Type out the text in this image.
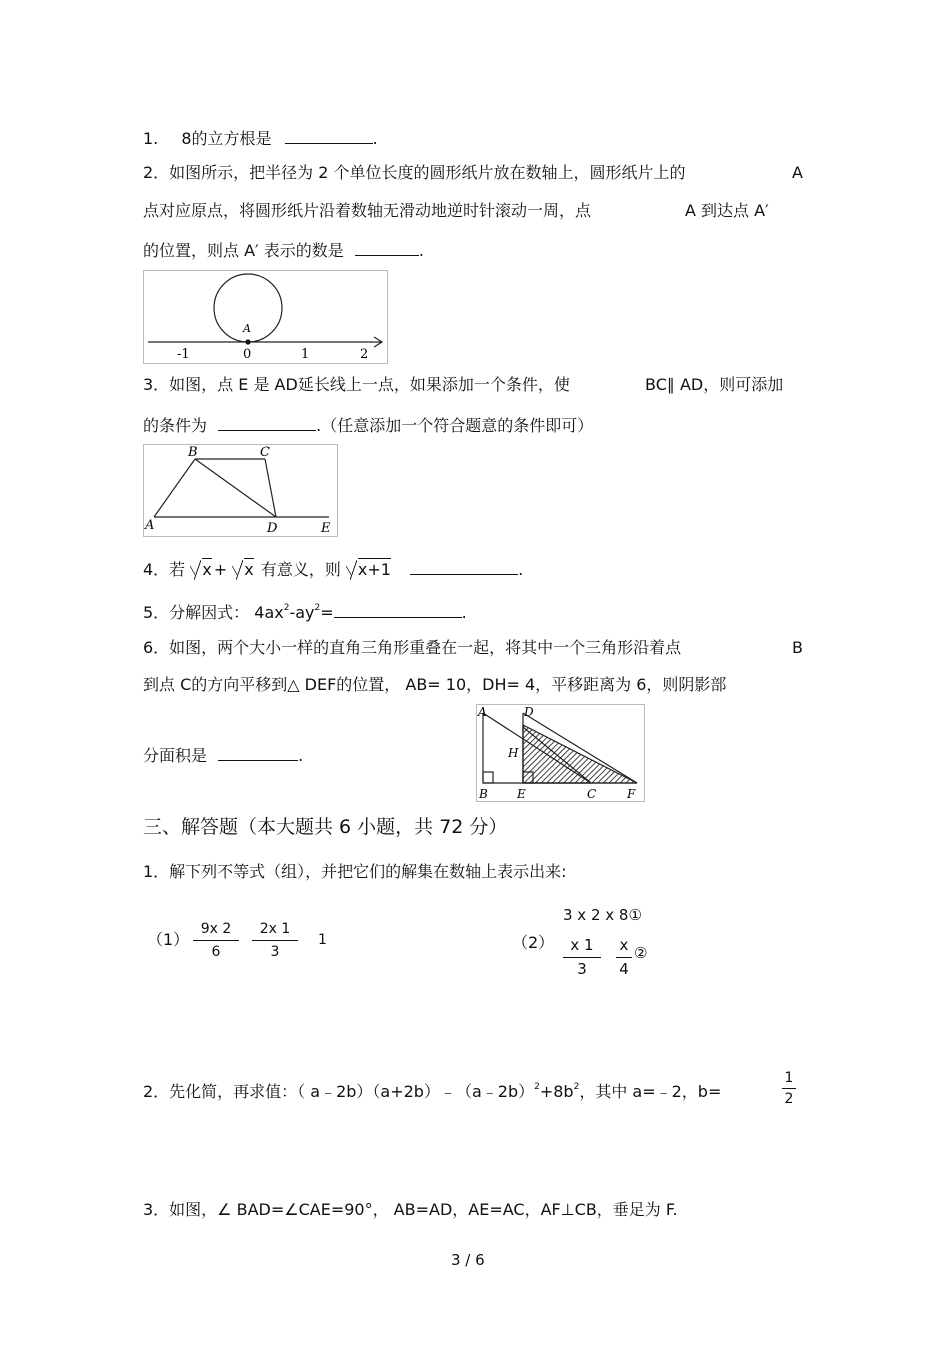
1. 8的立方根是	.
2．如图所示，把半径为 2 个单位长度的圆形纸片放在数轴上，圆形纸片上的	A
点对应原点，将圆形纸片沿着数轴无滑动地逆时针滚动一周，点	A 到达点 A′
的位置，则点 A′ 表示的数是	.
A
-1	0	1	2
3．如图，点 E 是 AD延长线上一点，如果添加一个条件，使	BC∥ AD，则可添加
的条件为	.（任意添加一个符合题意的条件即可）
A
B	C
D	E
4．若 x + x 有意义，则 x+1	.
5．分解因式： $4ax^2-ay^2=$	.
6．如图，两个大小一样的直角三角形重叠在一起，将其中一个三角形沿着点	B
到点 C的方向平移到△ DEF的位置， AB= 10，DH= 4，平移距离为 6，则阴影部
分面积是	.
A	D
H
B E	C	F
三、解答题（本大题共 6 小题，共 72 分）
1．解下列不等式（组），并把它们的解集在数轴上表示出来:
（1）
9x 2
6
2x 1
3
1	（2）
3 x 2 x 8①
x 1
3
x
4
②
2．先化简，再求值：（ $a﹣2b)(a+2b)﹣(a﹣2b)^2+8b^2$，其中 a=﹣2，b=
1
2
3．如图，∠ BAD=∠CAE=90°， AB=AD，AE=AC，AF⊥CB，垂足为 F.
3 / 6
